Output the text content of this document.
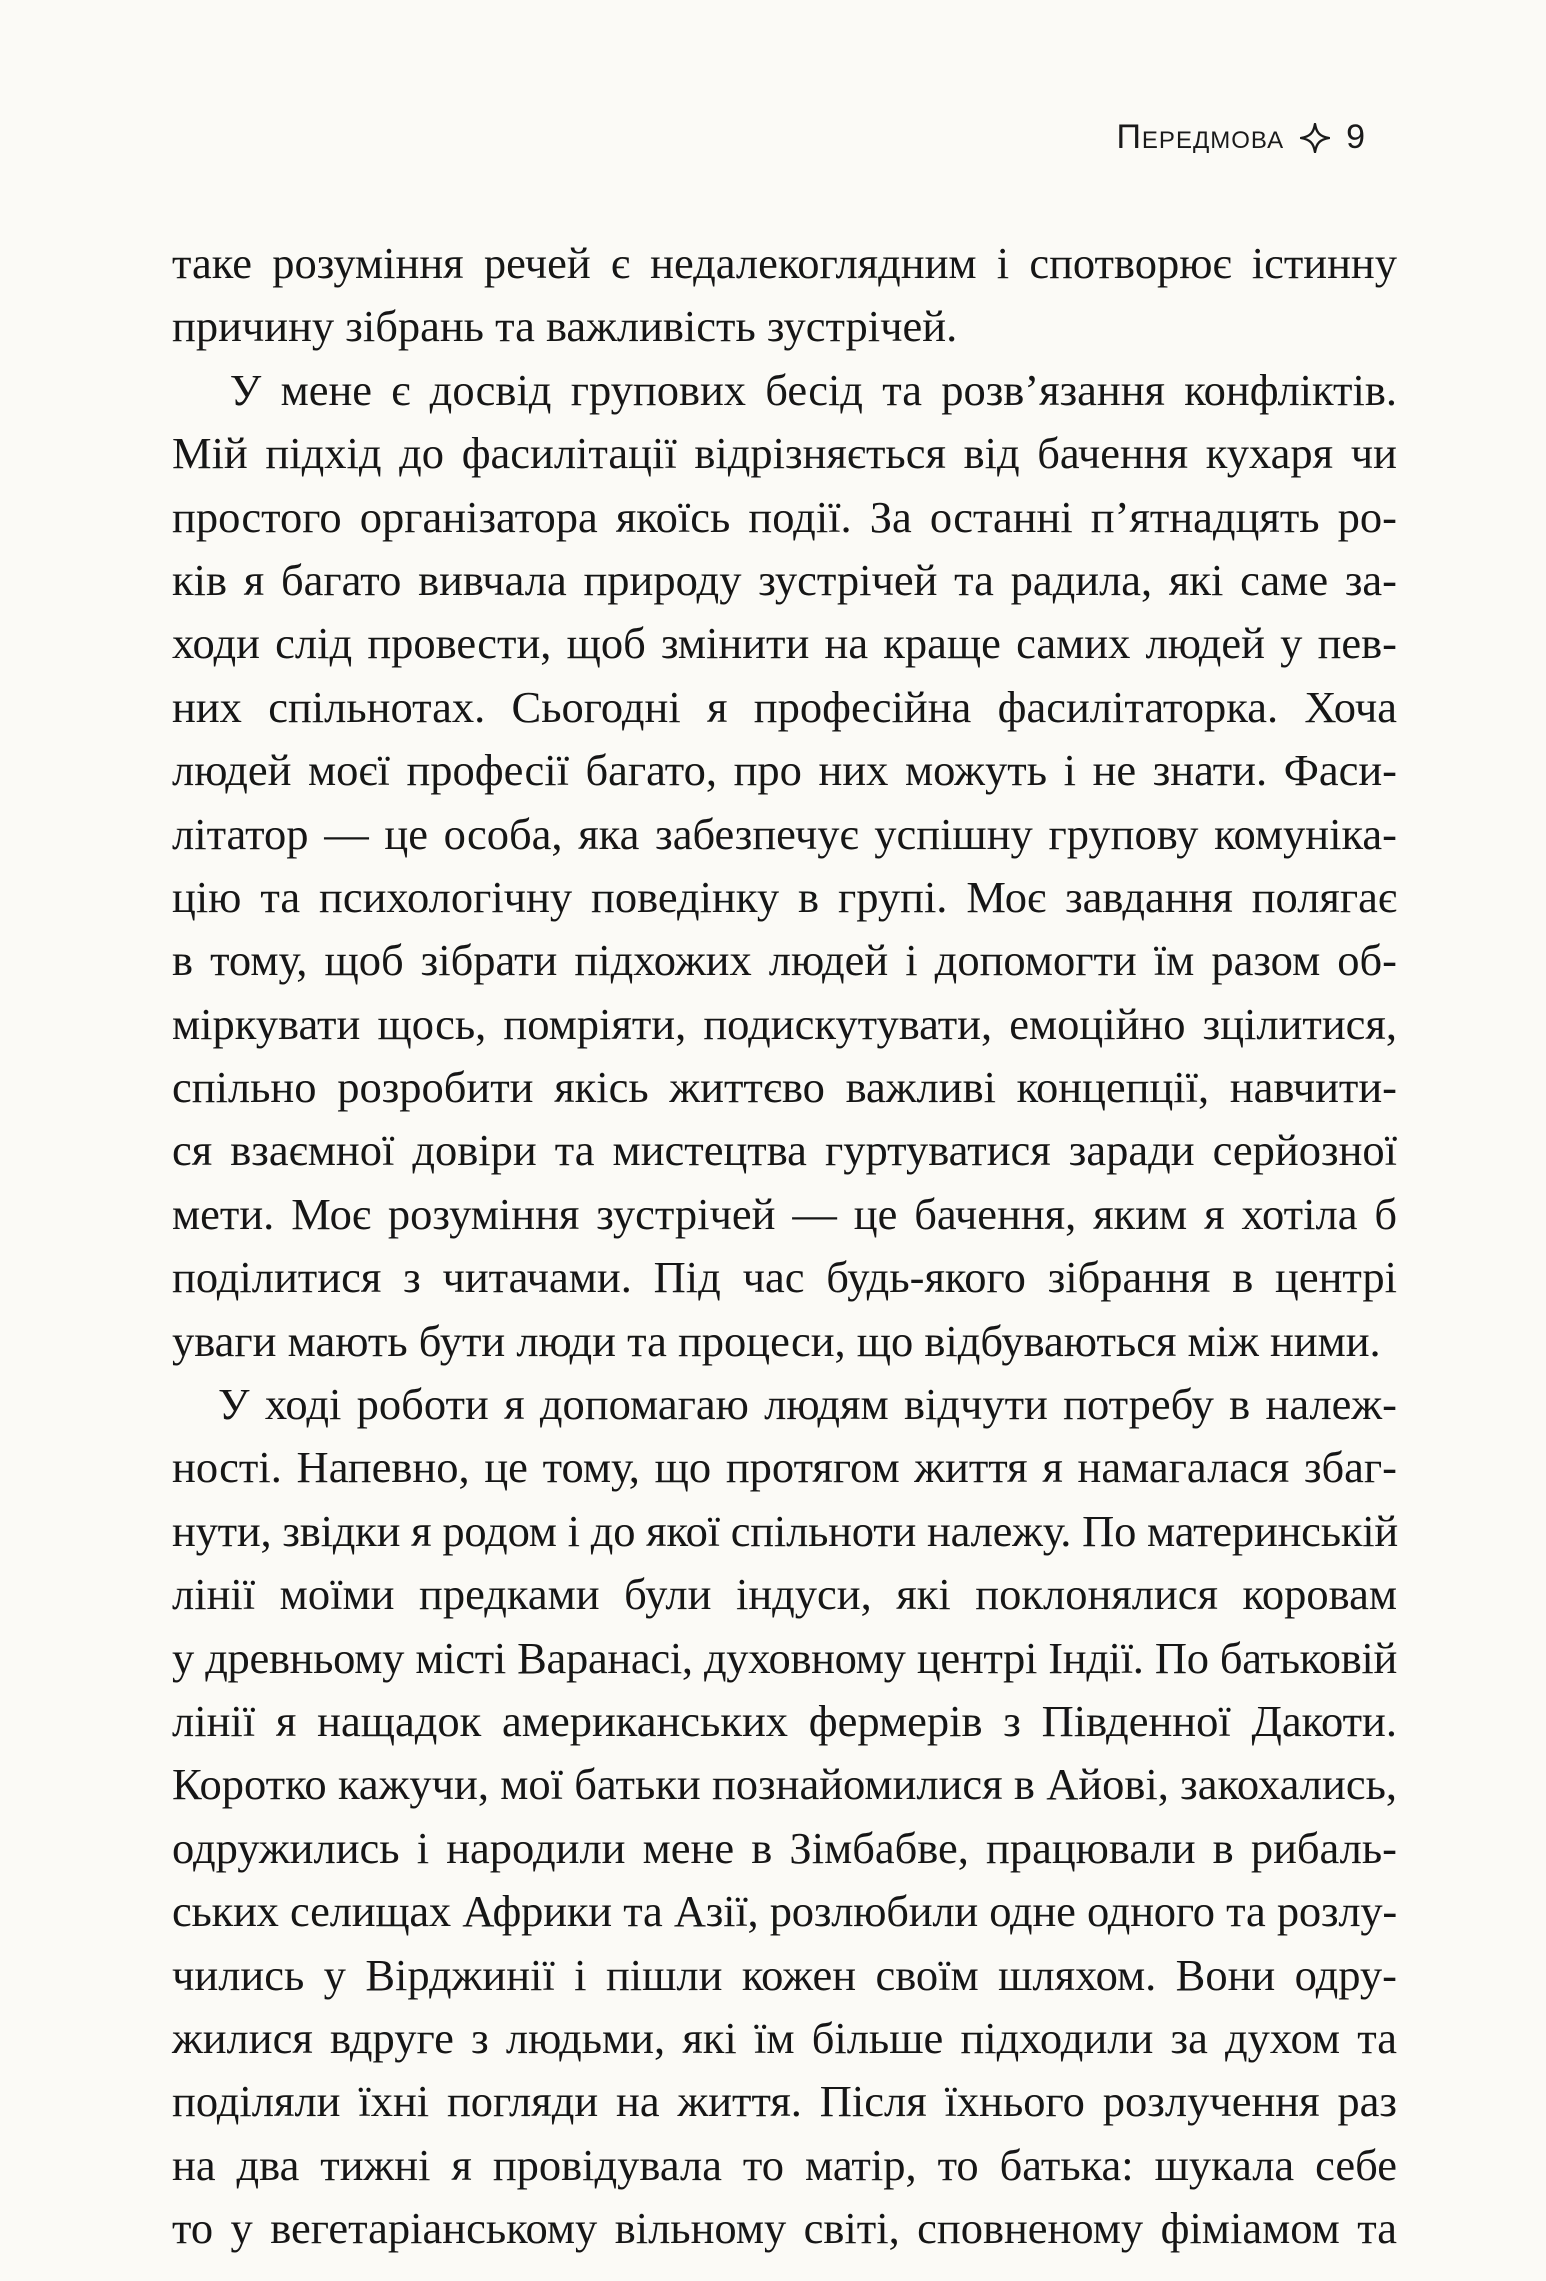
Передмова 9
таке розуміння речей є недалекоглядним і спотворює істинну
причину зібрань та важливість зустрічей.
У мене є досвід групових бесід та розв’язання конфліктів.
Мій підхід до фасилітації відрізняється від бачення кухаря чи
простого організатора якоїсь події. За останні п’ятнадцять ро-
ків я багато вивчала природу зустрічей та радила, які саме за-
ходи слід провести, щоб змінити на краще самих людей у пев-
них спільнотах. Сьогодні я професійна фасилітаторка. Хоча
людей моєї професії багато, про них можуть і не знати. Фаси-
літатор — це особа, яка забезпечує успішну групову комуніка-
цію та психологічну поведінку в групі. Моє завдання полягає
в тому, щоб зібрати підхожих людей і допомогти їм разом об-
міркувати щось, помріяти, подискутувати, емоційно зцілитися,
спільно розробити якісь життєво важливі концепції, навчити-
ся взаємної довіри та мистецтва гуртуватися заради серйозної
мети. Моє розуміння зустрічей — це бачення, яким я хотіла б
поділитися з читачами. Під час будь-якого зібрання в центрі
уваги мають бути люди та процеси, що відбуваються між ними.
У ході роботи я допомагаю людям відчути потребу в належ-
ності. Напевно, це тому, що протягом життя я намагалася збаг-
нути, звідки я родом і до якої спільноти належу. По материнській
лінії моїми предками були індуси, які поклонялися коровам
у древньому місті Варанасі, духовному центрі Індії. По батьковій
лінії я нащадок американських фермерів з Південної Дакоти.
Коротко кажучи, мої батьки познайомилися в Айові, закохались,
одружились і народили мене в Зімбабве, працювали в рибаль-
ських селищах Африки та Азії, розлюбили одне одного та розлу-
чились у Вірджинії і пішли кожен своїм шляхом. Вони одру-
жилися вдруге з людьми, які їм більше підходили за духом та
поділяли їхні погляди на життя. Після їхнього розлучення раз
на два тижні я провідувала то матір, то батька: шукала себе
то у вегетаріанському вільному світі, сповненому фіміамом та
